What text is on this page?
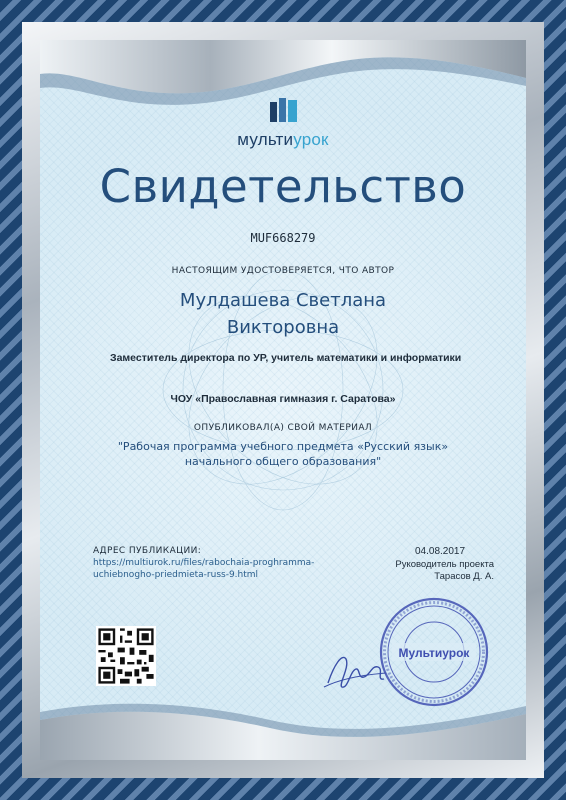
мультиурок
Свидетельство
MUF668279
НАСТОЯЩИМ УДОСТОВЕРЯЕТСЯ, ЧТО АВТОР
Мулдашева Светлана
Викторовна
Заместитель директора по УР, учитель математики и информатики
ЧОУ «Православная гимназия г. Саратова»
ОПУБЛИКОВАЛ(А) СВОЙ МАТЕРИАЛ
"Рабочая программа учебного предмета «Русский язык» начального общего образования"
АДРЕС ПУБЛИКАЦИИ:
https://multiurok.ru/files/rabochaia-proghramma-uchiebnogho-priedmieta-russ-9.html
04.08.2017
Руководитель проекта
Тарасов Д. А.
Мультиурок
